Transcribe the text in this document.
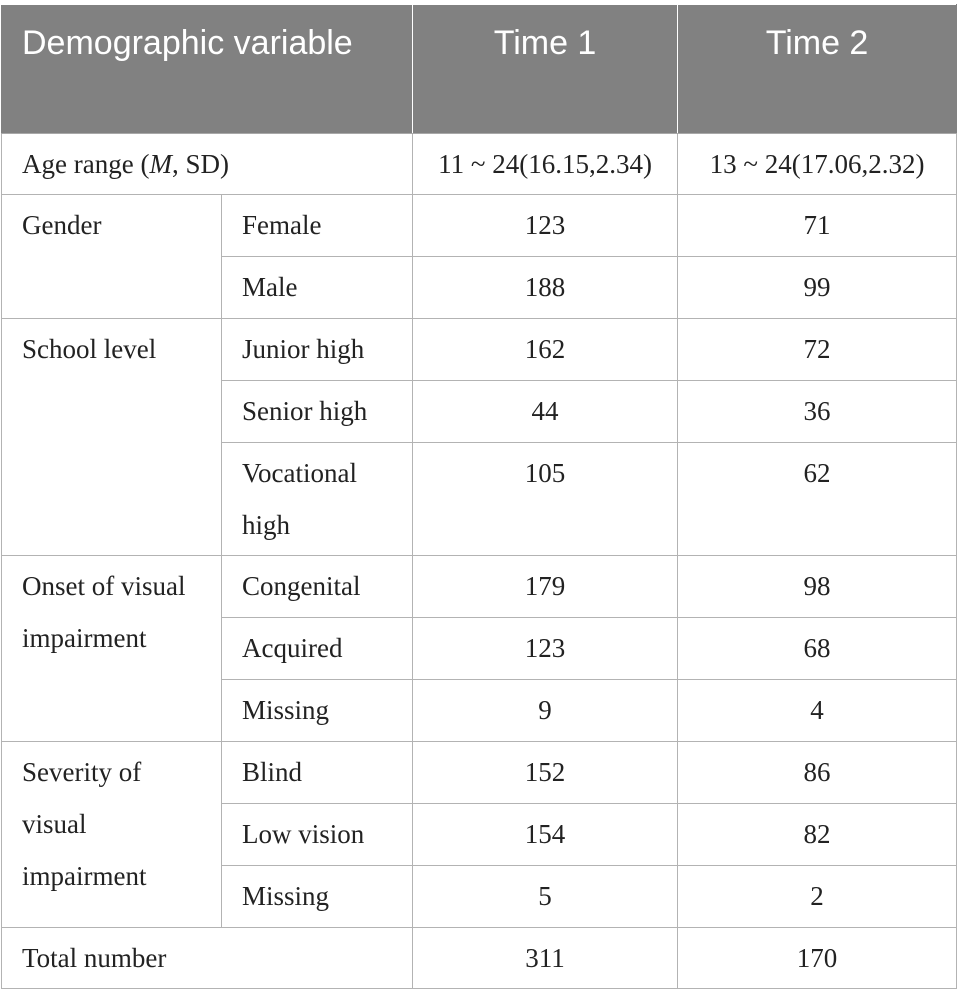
Demographic variable		Time 1	Time 2
Age range (M, SD)		11 ~ 24(16.15,2.34)	13 ~ 24(17.06,2.32)
Gender	Female	123	71
	Male	188	99
School level	Junior high	162	72
	Senior high	44	36
	Vocational high	105	62
Onset of visual impairment	Congenital	179	98
	Acquired	123	68
	Missing	9	4
Severity of visual impairment	Blind	152	86
	Low vision	154	82
	Missing	5	2
Total number		311	170
